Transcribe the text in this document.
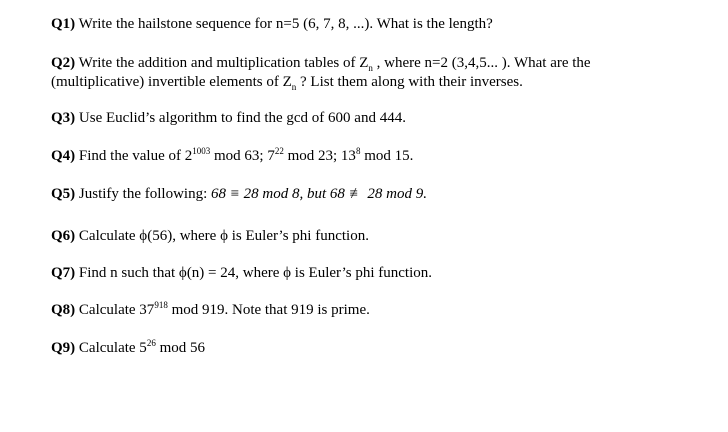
Q1) Write the hailstone sequence for n=5 (6, 7, 8, ...). What is the length?
Q2) Write the addition and multiplication tables of $Z_n$ , where n=2 (3,4,5... ). What are the
(multiplicative) invertible elements of $Z_n$ ? List them along with their inverses.
Q3) Use Euclid’s algorithm to find the gcd of 600 and 444.
Q4) Find the value of $2^{1003}$ mod 63; $7^{22}$ mod 23; $13^8$ mod 15.
Q5) Justify the following: 68 ≡ 28 mod 8, but 68 ≢ 28 mod 9.
Q6) Calculate ϕ(56), where ϕ is Euler’s phi function.
Q7) Find n such that ϕ(n) = 24, where ϕ is Euler’s phi function.
Q8) Calculate $37^{918}$ mod 919. Note that 919 is prime.
Q9) Calculate $5^{26}$ mod 56
